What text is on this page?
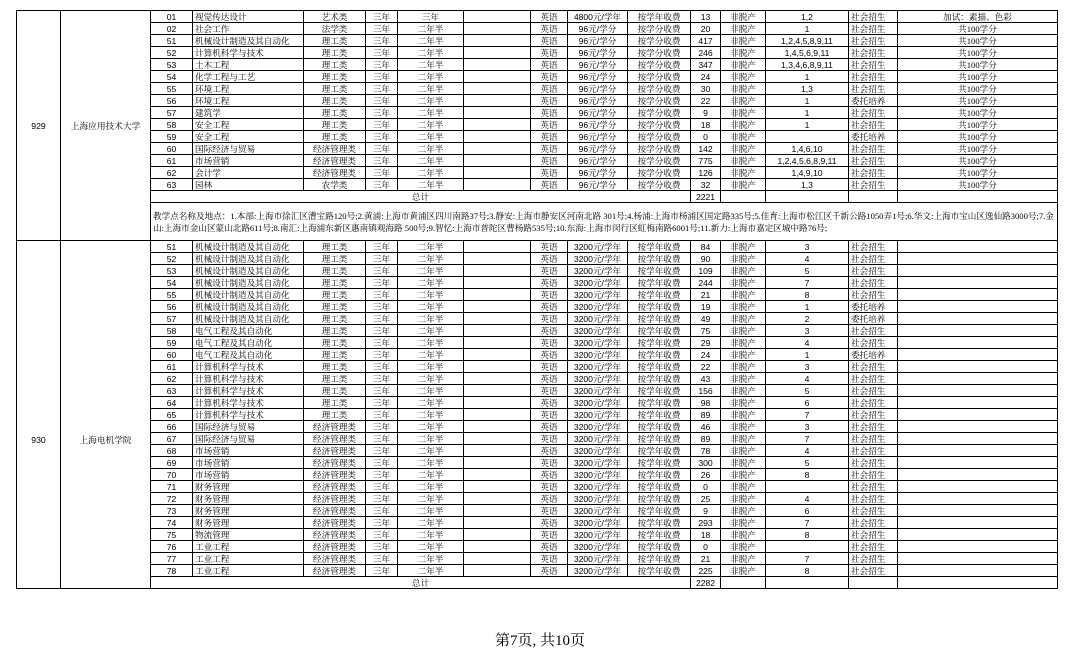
929	上海应用技术大学	01	视觉传达设计	艺术类	三年	三年		英语	4800元/学年	按学年收费	13	非脱产	1,2	社会招生	加试：素描、色彩
		02	社会工作	法学类	三年	二年半		英语	96元/学分	按学分收费	20	非脱产	1	社会招生	共100学分
		51	机械设计制造及其自动化	理工类	三年	二年半		英语	96元/学分	按学分收费	417	非脱产	1,2,4,5,8,9,11	社会招生	共100学分
		52	计算机科学与技术	理工类	三年	二年半		英语	96元/学分	按学分收费	246	非脱产	1,4,5,6,9,11	社会招生	共100学分
		53	土木工程	理工类	三年	二年半		英语	96元/学分	按学分收费	347	非脱产	1,3,4,6,8,9,11	社会招生	共100学分
		54	化学工程与工艺	理工类	三年	二年半		英语	96元/学分	按学分收费	24	非脱产	1	社会招生	共100学分
		55	环境工程	理工类	三年	二年半		英语	96元/学分	按学分收费	30	非脱产	1,3	社会招生	共100学分
		56	环境工程	理工类	三年	二年半		英语	96元/学分	按学分收费	22	非脱产	1	委托培养	共100学分
		57	建筑学	理工类	三年	二年半		英语	96元/学分	按学分收费	9	非脱产	1	社会招生	共100学分
		58	安全工程	理工类	三年	二年半		英语	96元/学分	按学分收费	18	非脱产	1	社会招生	共100学分
		59	安全工程	理工类	三年	二年半		英语	96元/学分	按学分收费	0	非脱产		委托培养	共100学分
		60	国际经济与贸易	经济管理类	三年	二年半		英语	96元/学分	按学分收费	142	非脱产	1,4,6,10	社会招生	共100学分
		61	市场营销	经济管理类	三年	二年半		英语	96元/学分	按学分收费	775	非脱产	1,2,4,5,6,8,9,11	社会招生	共100学分
		62	会计学	经济管理类	三年	二年半		英语	96元/学分	按学分收费	126	非脱产	1,4,9,10	社会招生	共100学分
		63	园林	农学类	三年	二年半		英语	96元/学分	按学分收费	32	非脱产	1,3	社会招生	共100学分
		总计									2221				
		教学点名称及地点：1.本部:上海市徐汇区漕宝路120号;2.黄浦:上海市黄浦区四川南路37号;3.静安:上海市静安区河南北路 301号;4.杨浦:上海市杨浦区国定路335号;5.佳育:上海市松江区千新公路1050弄1号;6.华文:上海市宝山区逸仙路3000号;7.金山:上海市金山区蒙山北路611号;8.南汇:上海浦东新区惠南镇观海路 500号;9.智忆:上海市普陀区曹杨路535号;10.东海:上海市闵行区虹梅南路6001号;11.新力:上海市嘉定区城中路76号;													
930	上海电机学院	51	机械设计制造及其自动化	理工类	三年	二年半		英语	3200元/学年	按学年收费	84	非脱产	3	社会招生	
		52	机械设计制造及其自动化	理工类	三年	二年半		英语	3200元/学年	按学年收费	90	非脱产	4	社会招生	
		53	机械设计制造及其自动化	理工类	三年	二年半		英语	3200元/学年	按学年收费	109	非脱产	5	社会招生	
		54	机械设计制造及其自动化	理工类	三年	二年半		英语	3200元/学年	按学年收费	244	非脱产	7	社会招生	
		55	机械设计制造及其自动化	理工类	三年	二年半		英语	3200元/学年	按学年收费	21	非脱产	8	社会招生	
		56	机械设计制造及其自动化	理工类	三年	二年半		英语	3200元/学年	按学年收费	19	非脱产	1	委托培养	
		57	机械设计制造及其自动化	理工类	三年	二年半		英语	3200元/学年	按学年收费	49	非脱产	2	委托培养	
		58	电气工程及其自动化	理工类	三年	二年半		英语	3200元/学年	按学年收费	75	非脱产	3	社会招生	
		59	电气工程及其自动化	理工类	三年	二年半		英语	3200元/学年	按学年收费	29	非脱产	4	社会招生	
		60	电气工程及其自动化	理工类	三年	二年半		英语	3200元/学年	按学年收费	24	非脱产	1	委托培养	
		61	计算机科学与技术	理工类	三年	二年半		英语	3200元/学年	按学年收费	22	非脱产	3	社会招生	
		62	计算机科学与技术	理工类	三年	二年半		英语	3200元/学年	按学年收费	43	非脱产	4	社会招生	
		63	计算机科学与技术	理工类	三年	二年半		英语	3200元/学年	按学年收费	156	非脱产	5	社会招生	
		64	计算机科学与技术	理工类	三年	二年半		英语	3200元/学年	按学年收费	98	非脱产	6	社会招生	
		65	计算机科学与技术	理工类	三年	二年半		英语	3200元/学年	按学年收费	89	非脱产	7	社会招生	
		66	国际经济与贸易	经济管理类	三年	二年半		英语	3200元/学年	按学年收费	46	非脱产	3	社会招生	
		67	国际经济与贸易	经济管理类	三年	二年半		英语	3200元/学年	按学年收费	89	非脱产	7	社会招生	
		68	市场营销	经济管理类	三年	二年半		英语	3200元/学年	按学年收费	78	非脱产	4	社会招生	
		69	市场营销	经济管理类	三年	二年半		英语	3200元/学年	按学年收费	300	非脱产	5	社会招生	
		70	市场营销	经济管理类	三年	二年半		英语	3200元/学年	按学年收费	26	非脱产	8	社会招生	
		71	财务管理	经济管理类	三年	二年半		英语	3200元/学年	按学年收费	0	非脱产		社会招生	
		72	财务管理	经济管理类	三年	二年半		英语	3200元/学年	按学年收费	25	非脱产	4	社会招生	
		73	财务管理	经济管理类	三年	二年半		英语	3200元/学年	按学年收费	9	非脱产	6	社会招生	
		74	财务管理	经济管理类	三年	二年半		英语	3200元/学年	按学年收费	293	非脱产	7	社会招生	
		75	物流管理	经济管理类	三年	二年半		英语	3200元/学年	按学年收费	18	非脱产	8	社会招生	
		76	工业工程	经济管理类	三年	二年半		英语	3200元/学年	按学年收费	0	非脱产		社会招生	
		77	工业工程	经济管理类	三年	二年半		英语	3200元/学年	按学年收费	21	非脱产	7	社会招生	
		78	工业工程	经济管理类	三年	二年半		英语	3200元/学年	按学年收费	225	非脱产	8	社会招生	
		总计									2282				
第7页, 共10页
